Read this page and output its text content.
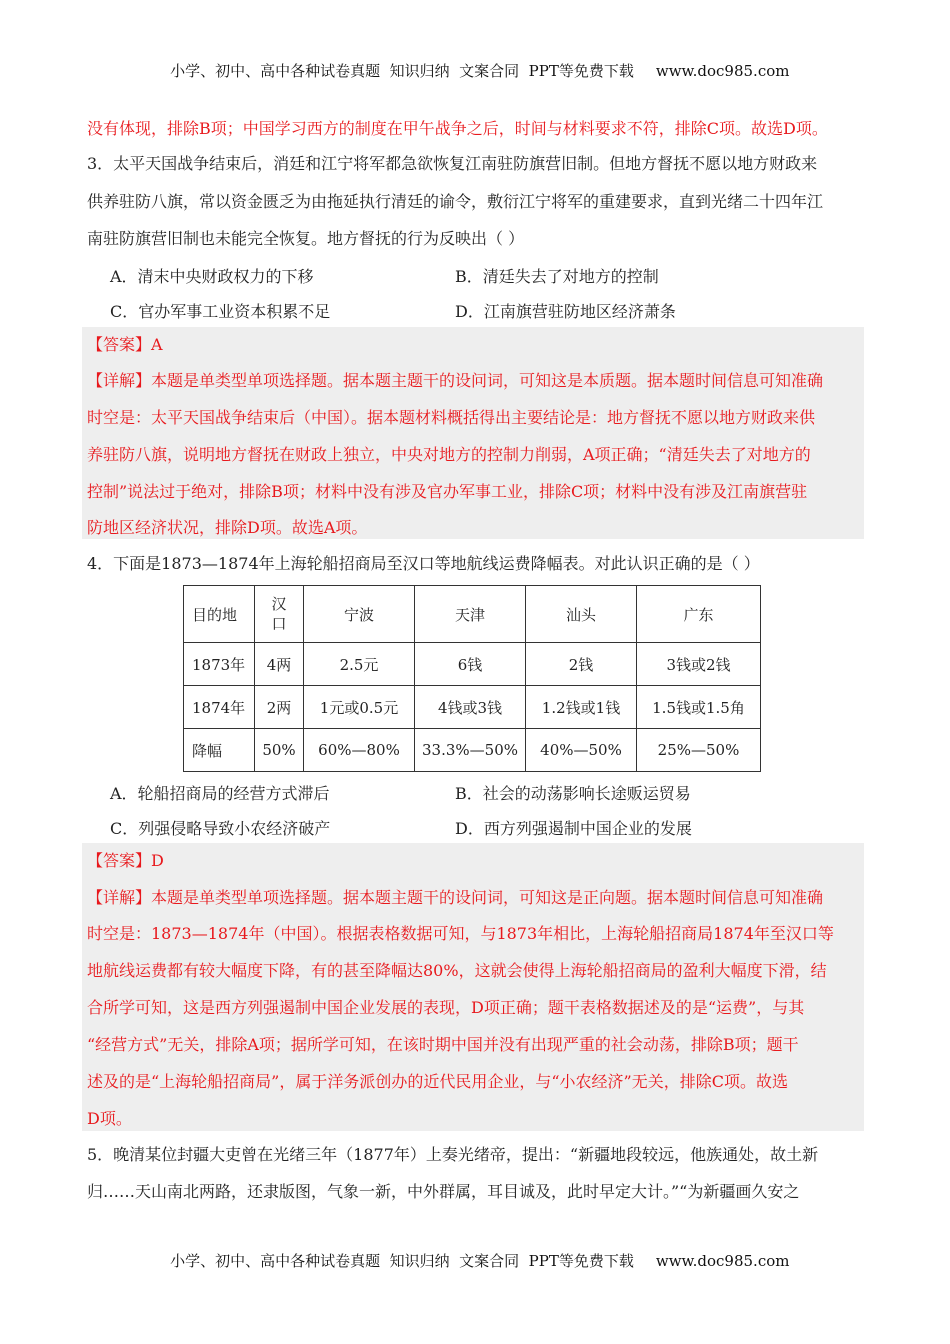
小学、初中、高中各种试卷真题  知识归纳  文案合同  PPT等免费下载 www.doc985.com

没有体现，排除B项；中国学习西方的制度在甲午战争之后，时间与材料要求不符，排除C项。故选D项。
3．太平天国战争结束后，消廷和江宁将军都急欲恢复江南驻防旗营旧制。但地方督抚不愿以地方财政来
供养驻防八旗，常以资金匮乏为由拖延执行清廷的谕令，敷衍江宁将军的重建要求，直到光绪二十四年江
南驻防旗营旧制也未能完全恢复。地方督抚的行为反映出（ ）
A．清末中央财政权力的下移	B．清廷失去了对地方的控制
C．官办军事工业资本积累不足	D．江南旗营驻防地区经济萧条
【答案】A
【详解】本题是单类型单项选择题。据本题主题干的设问词，可知这是本质题。据本题时间信息可知准确
时空是：太平天国战争结束后（中国）。据本题材料概括得出主要结论是：地方督抚不愿以地方财政来供
养驻防八旗，说明地方督抚在财政上独立，中央对地方的控制力削弱，A项正确；“清廷失去了对地方的
控制”说法过于绝对，排除B项；材料中没有涉及官办军事工业，排除C项；材料中没有涉及江南旗营驻
防地区经济状况，排除D项。故选A项。
4．下面是1873—1874年上海轮船招商局至汉口等地航线运费降幅表。对此认识正确的是（ ）
目的地	汉口	宁波	天津	汕头	广东
1873年	4两	2.5元	6钱	2钱	3钱或2钱
1874年	2两	1元或0.5元	4钱或3钱	1.2钱或1钱	1.5钱或1.5角
降幅	50%	60%—80%	33.3%—50%	40%—50%	25%—50%
A．轮船招商局的经营方式滞后	B．社会的动荡影响长途贩运贸易
C．列强侵略导致小农经济破产	D．西方列强遏制中国企业的发展
【答案】D
【详解】本题是单类型单项选择题。据本题主题干的设问词，可知这是正向题。据本题时间信息可知准确
时空是：1873—1874年（中国）。根据表格数据可知，与1873年相比，上海轮船招商局1874年至汉口等
地航线运费都有较大幅度下降，有的甚至降幅达80%，这就会使得上海轮船招商局的盈利大幅度下滑，结
合所学可知，这是西方列强遏制中国企业发展的表现，D项正确；题干表格数据述及的是“运费”，与其
“经营方式”无关，排除A项；据所学可知，在该时期中国并没有出现严重的社会动荡，排除B项；题干
述及的是“上海轮船招商局”，属于洋务派创办的近代民用企业，与“小农经济”无关，排除C项。故选
D项。
5．晚清某位封疆大吏曾在光绪三年（1877年）上奏光绪帝，提出：“新疆地段较远，他族通处，故土新
归……天山南北两路，还隶版图，气象一新，中外群属，耳目诚及，此时早定大计。”“为新疆画久安之

小学、初中、高中各种试卷真题  知识归纳  文案合同  PPT等免费下载 www.doc985.com
